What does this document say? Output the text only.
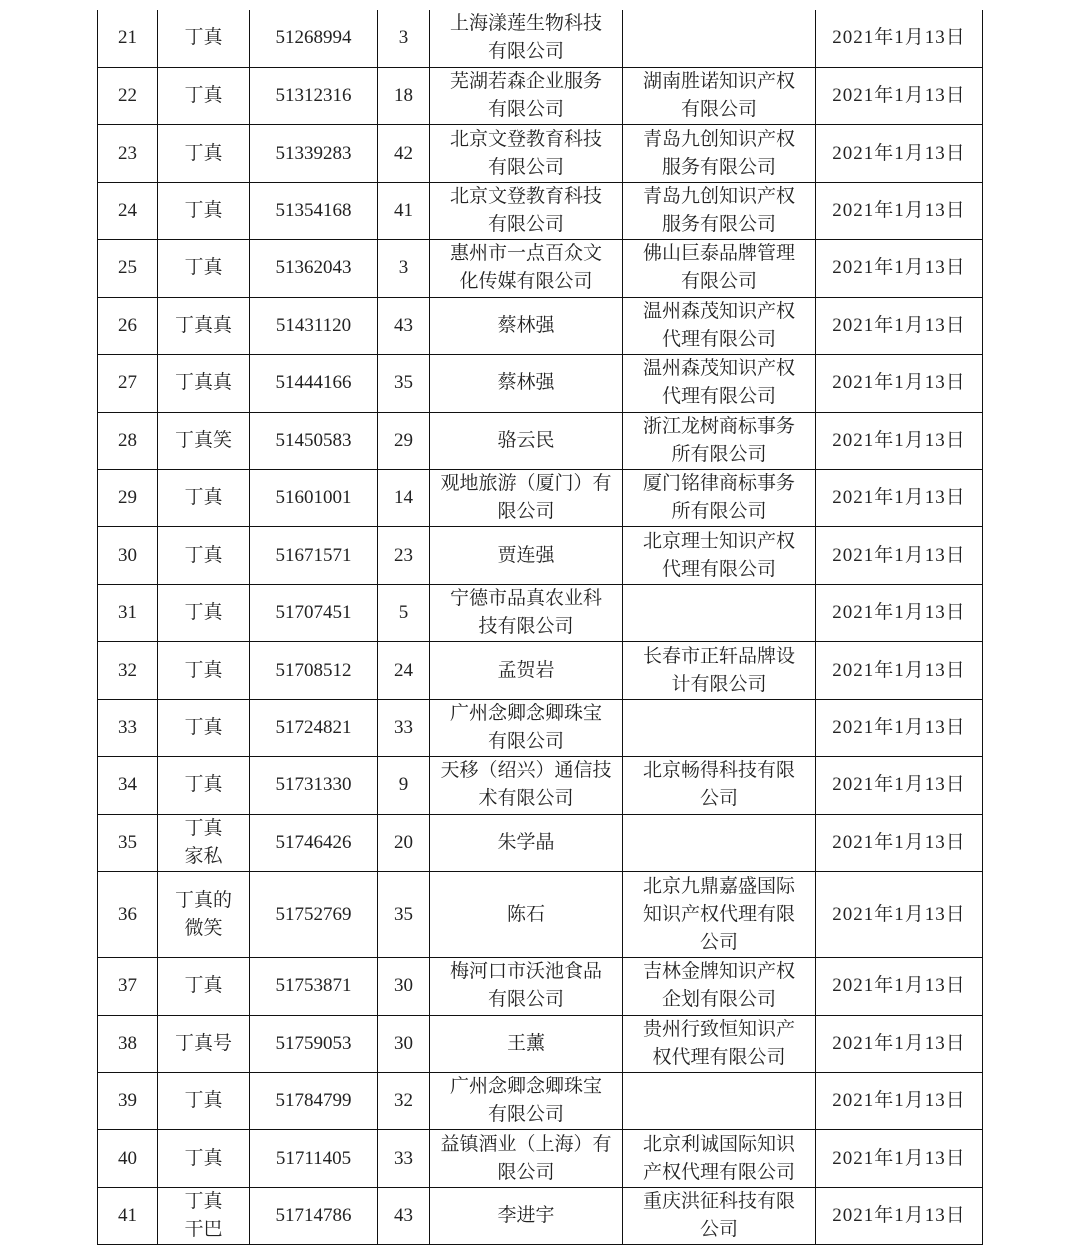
21	丁真	51268994	3	上海漾莲生物科技
有限公司		2021年1月13日
22	丁真	51312316	18	芜湖若森企业服务
有限公司	湖南胜诺知识产权
有限公司	2021年1月13日
23	丁真	51339283	42	北京文登教育科技
有限公司	青岛九创知识产权
服务有限公司	2021年1月13日
24	丁真	51354168	41	北京文登教育科技
有限公司	青岛九创知识产权
服务有限公司	2021年1月13日
25	丁真	51362043	3	惠州市一点百众文
化传媒有限公司	佛山巨泰品牌管理
有限公司	2021年1月13日
26	丁真真	51431120	43	蔡林强	温州森茂知识产权
代理有限公司	2021年1月13日
27	丁真真	51444166	35	蔡林强	温州森茂知识产权
代理有限公司	2021年1月13日
28	丁真笑	51450583	29	骆云民	浙江龙树商标事务
所有限公司	2021年1月13日
29	丁真	51601001	14	观地旅游（厦门）有
限公司	厦门铭律商标事务
所有限公司	2021年1月13日
30	丁真	51671571	23	贾连强	北京理士知识产权
代理有限公司	2021年1月13日
31	丁真	51707451	5	宁德市品真农业科
技有限公司		2021年1月13日
32	丁真	51708512	24	孟贺岩	长春市正轩品牌设
计有限公司	2021年1月13日
33	丁真	51724821	33	广州念卿念卿珠宝
有限公司		2021年1月13日
34	丁真	51731330	9	天移（绍兴）通信技
术有限公司	北京畅得科技有限
公司	2021年1月13日
35	丁真
家私	51746426	20	朱学晶		2021年1月13日
36	丁真的
微笑	51752769	35	陈石	北京九鼎嘉盛国际
知识产权代理有限
公司	2021年1月13日
37	丁真	51753871	30	梅河口市沃池食品
有限公司	吉林金牌知识产权
企划有限公司	2021年1月13日
38	丁真号	51759053	30	王薰	贵州行致恒知识产
权代理有限公司	2021年1月13日
39	丁真	51784799	32	广州念卿念卿珠宝
有限公司		2021年1月13日
40	丁真	51711405	33	益镇酒业（上海）有
限公司	北京利诚国际知识
产权代理有限公司	2021年1月13日
41	丁真
干巴	51714786	43	李进宇	重庆洪征科技有限
公司	2021年1月13日
